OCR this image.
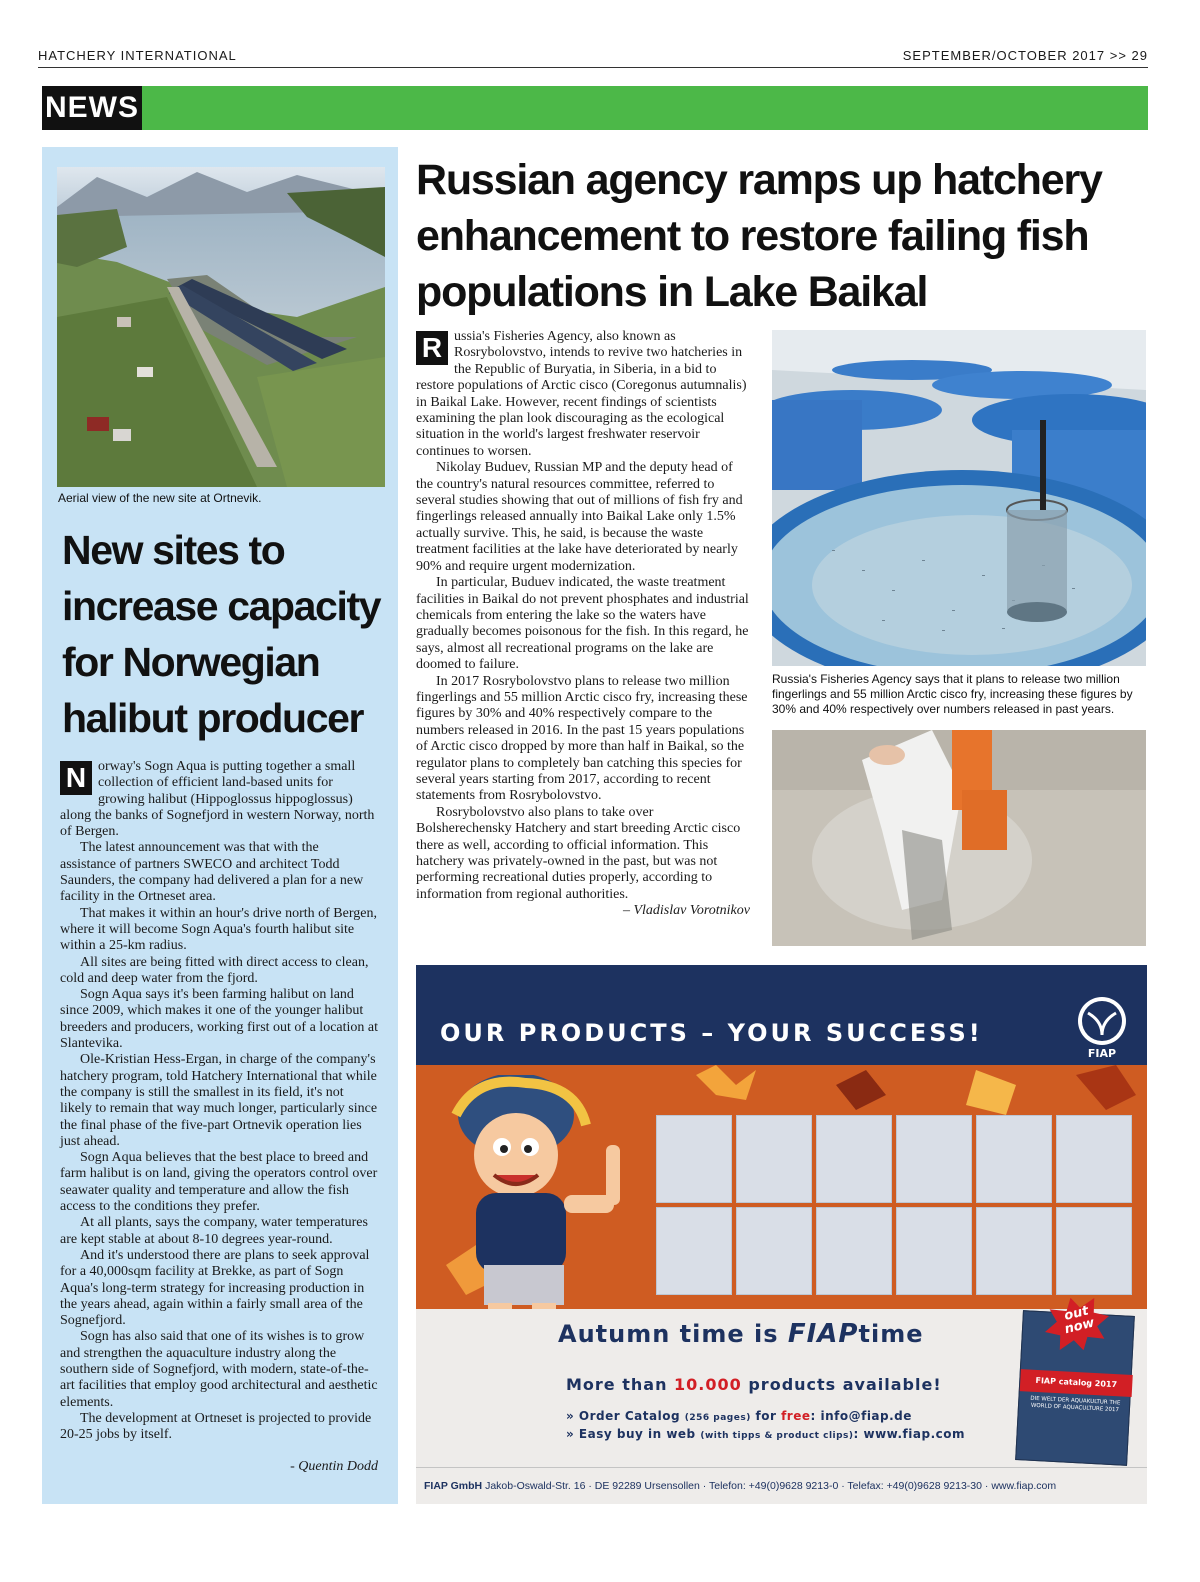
HATCHERY INTERNATIONAL	SEPTEMBER/OCTOBER 2017 >> 29
NEWS
Aerial view of the new site at Ortnevik.
New sites to increase capacity for Norwegian halibut producer

N orway's Sogn Aqua is putting together a small collection of efficient land-based units for growing halibut (Hippoglossus hippoglossus) along the banks of Sognefjord in western Norway, north of Bergen.

The latest announcement was that with the assistance of partners SWECO and architect Todd Saunders, the company had delivered a plan for a new facility in the Ortneset area.

That makes it within an hour's drive north of Bergen, where it will become Sogn Aqua's fourth halibut site within a 25-km radius.

All sites are being fitted with direct access to clean, cold and deep water from the fjord.

Sogn Aqua says it's been farming halibut on land since 2009, which makes it one of the younger halibut breeders and producers, working first out of a location at Slantevika.

Ole-Kristian Hess-Ergan, in charge of the company's hatchery program, told Hatchery International that while the company is still the smallest in its field, it's not likely to remain that way much longer, particularly since the final phase of the five-part Ortnevik operation lies just ahead.

Sogn Aqua believes that the best place to breed and farm halibut is on land, giving the operators control over seawater quality and temperature and allow the fish access to the conditions they prefer.

At all plants, says the company, water temperatures are kept stable at about 8-10 degrees year-round.

And it's understood there are plans to seek approval for a 40,000sqm facility at Brekke, as part of Sogn Aqua's long-term strategy for increasing production in the years ahead, again within a fairly small area of the Sognefjord.

Sogn has also said that one of its wishes is to grow and strengthen the aquaculture industry along the southern side of Sognefjord, with modern, state-of-the-art facilities that employ good architectural and aesthetic elements.

The development at Ortneset is projected to provide 20-25 jobs by itself.

- Quentin Dodd
Russian agency ramps up hatchery enhancement to restore failing fish populations in Lake Baikal

R ussia's Fisheries Agency, also known as Rosrybolovstvo, intends to revive two hatcheries in the Republic of Buryatia, in Siberia, in a bid to restore populations of Arctic cisco (Coregonus autumnalis) in Baikal Lake. However, recent findings of scientists examining the plan look discouraging as the ecological situation in the world's largest freshwater reservoir continues to worsen.

Nikolay Buduev, Russian MP and the deputy head of the country's natural resources committee, referred to several studies showing that out of millions of fish fry and fingerlings released annually into Baikal Lake only 1.5% actually survive. This, he said, is because the waste treatment facilities at the lake have deteriorated by nearly 90% and require urgent modernization.

In particular, Buduev indicated, the waste treatment facilities in Baikal do not prevent phosphates and industrial chemicals from entering the lake so the waters have gradually becomes poisonous for the fish. In this regard, he says, almost all recreational programs on the lake are doomed to failure.

In 2017 Rosrybolovstvo plans to release two million fingerlings and 55 million Arctic cisco fry, increasing these figures by 30% and 40% respectively compare to the numbers released in 2016. In the past 15 years populations of Arctic cisco dropped by more than half in Baikal, so the regulator plans to completely ban catching this species for several years starting from 2017, according to recent statements from Rosrybolovstvo.

Rosrybolovstvo also plans to take over Bolsherechensky Hatchery and start breeding Arctic cisco there as well, according to official information. This hatchery was privately-owned in the past, but was not performing recreational duties properly, according to information from regional authorities.

– Vladislav Vorotnikov
Russia's Fisheries Agency says that it plans to release two million fingerlings and 55 million Arctic cisco fry, increasing these figures by 30% and 40% respectively over numbers released in past years.
OUR PRODUCTS – YOUR SUCCESS!
FIAP
Autumn time is FIAPtime
More than 10.000 products available!
» Order Catalog (256 pages) for free: info@fiap.de
» Easy buy in web (with tipps & product clips): www.fiap.com
FIAP catalog 2017
DIE WELT DER AQUAKULTUR THE WORLD OF AQUACULTURE 2017
out now
FIAP GmbH Jakob-Oswald-Str. 16 · DE 92289 Ursensollen · Telefon: +49(0)9628 9213-0 · Telefax: +49(0)9628 9213-30 · www.fiap.com
